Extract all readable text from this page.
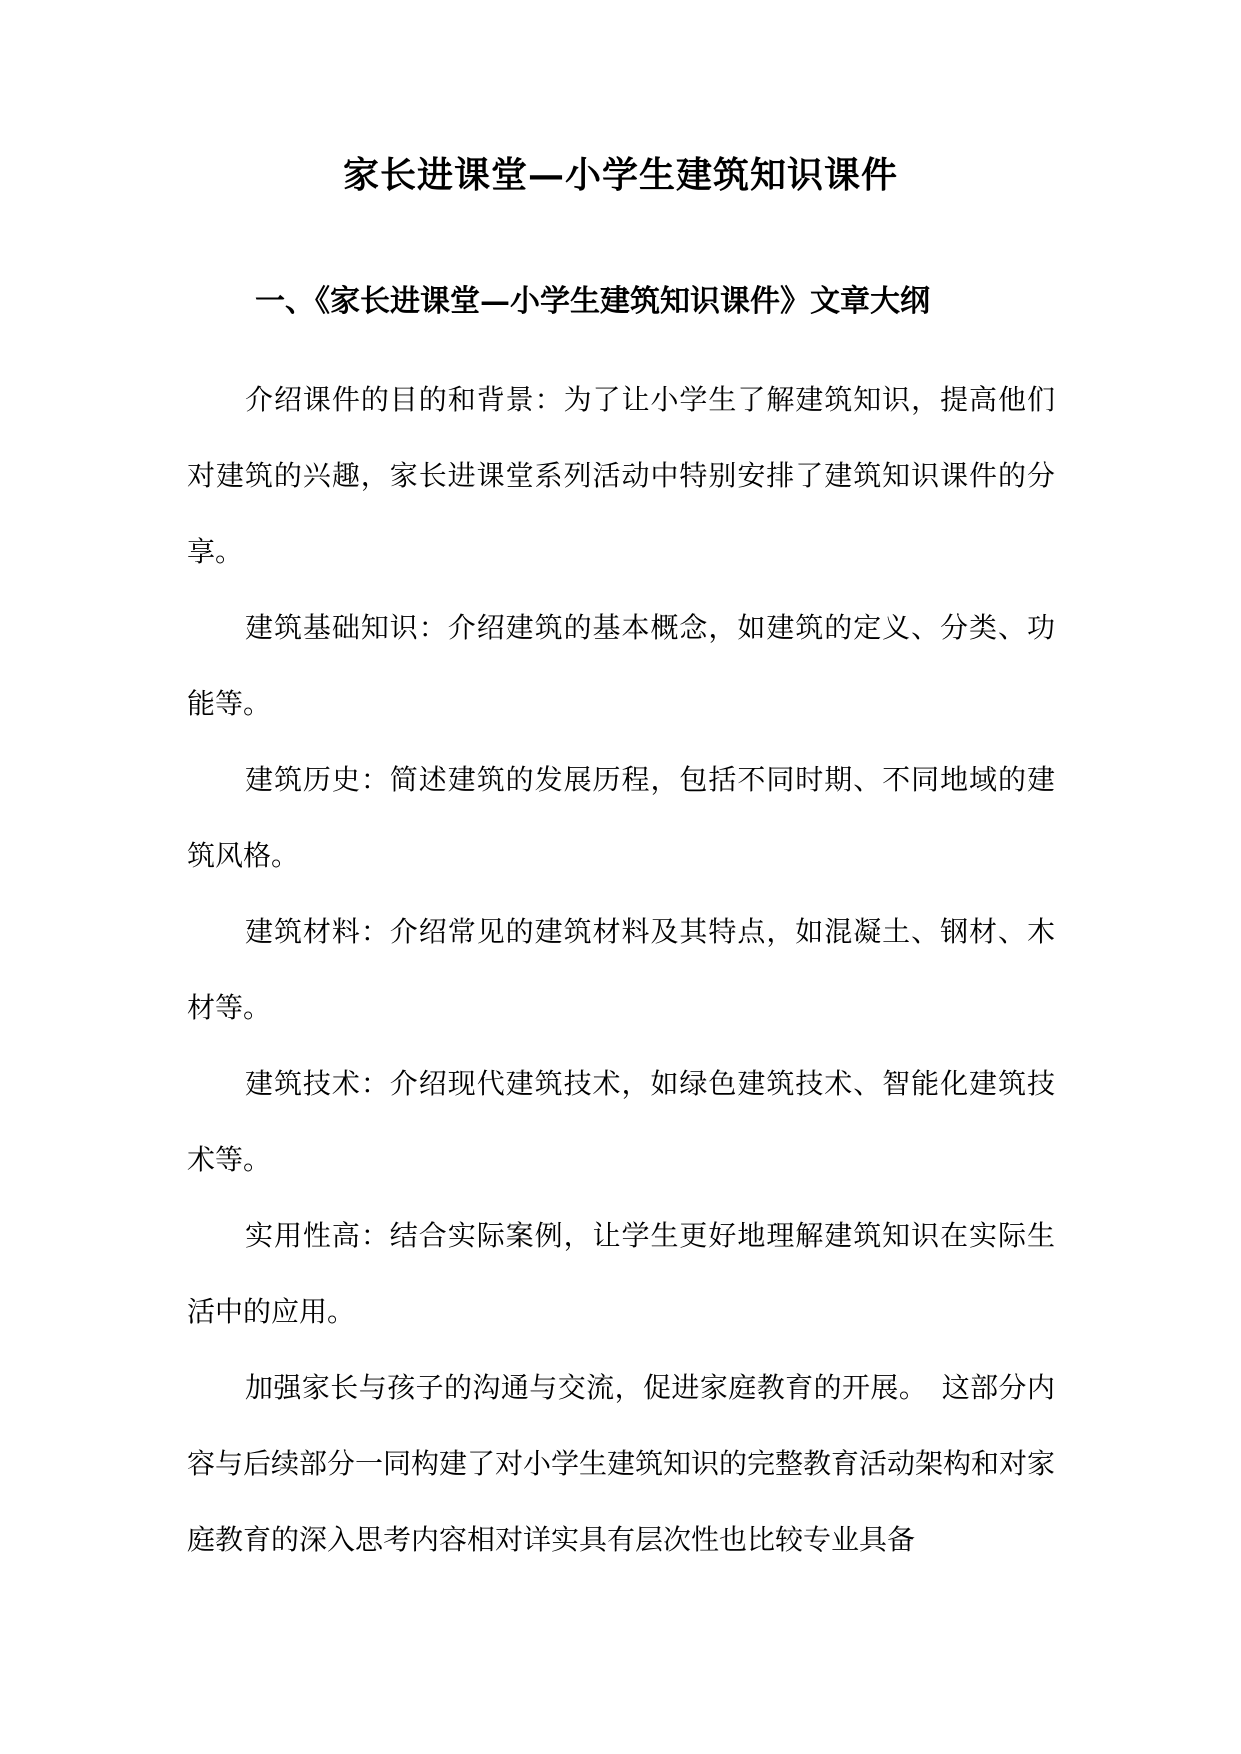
家长进课堂—小学生建筑知识课件
一、《家长进课堂—小学生建筑知识课件》文章大纲

介绍课件的目的和背景：为了让小学生了解建筑知识，提高他们对建筑的兴趣，家长进课堂系列活动中特别安排了建筑知识课件的分享。

建筑基础知识：介绍建筑的基本概念，如建筑的定义、分类、功能等。

建筑历史：简述建筑的发展历程，包括不同时期、不同地域的建筑风格。

建筑材料：介绍常见的建筑材料及其特点，如混凝土、钢材、木材等。

建筑技术：介绍现代建筑技术，如绿色建筑技术、智能化建筑技术等。

实用性高：结合实际案例，让学生更好地理解建筑知识在实际生活中的应用。

加强家长与孩子的沟通与交流，促进家庭教育的开展。　这部分内容与后续部分一同构建了对小学生建筑知识的完整教育活动架构和对家庭教育的深入思考内容相对详实具有层次性也比较专业具备
